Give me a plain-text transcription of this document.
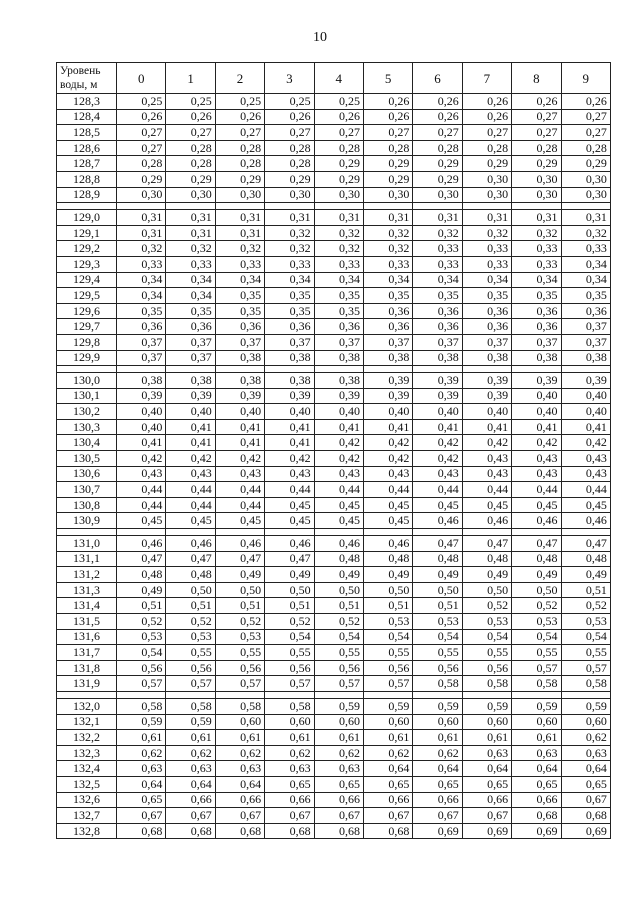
10
Уровень воды, м	0	1	2	3	4	5	6	7	8	9
128,3	0,25	0,25	0,25	0,25	0,25	0,26	0,26	0,26	0,26	0,26
128,4	0,26	0,26	0,26	0,26	0,26	0,26	0,26	0,26	0,27	0,27
128,5	0,27	0,27	0,27	0,27	0,27	0,27	0,27	0,27	0,27	0,27
128,6	0,27	0,28	0,28	0,28	0,28	0,28	0,28	0,28	0,28	0,28
128,7	0,28	0,28	0,28	0,28	0,29	0,29	0,29	0,29	0,29	0,29
128,8	0,29	0,29	0,29	0,29	0,29	0,29	0,29	0,30	0,30	0,30
128,9	0,30	0,30	0,30	0,30	0,30	0,30	0,30	0,30	0,30	0,30

129,0	0,31	0,31	0,31	0,31	0,31	0,31	0,31	0,31	0,31	0,31
129,1	0,31	0,31	0,31	0,32	0,32	0,32	0,32	0,32	0,32	0,32
129,2	0,32	0,32	0,32	0,32	0,32	0,32	0,33	0,33	0,33	0,33
129,3	0,33	0,33	0,33	0,33	0,33	0,33	0,33	0,33	0,33	0,34
129,4	0,34	0,34	0,34	0,34	0,34	0,34	0,34	0,34	0,34	0,34
129,5	0,34	0,34	0,35	0,35	0,35	0,35	0,35	0,35	0,35	0,35
129,6	0,35	0,35	0,35	0,35	0,35	0,36	0,36	0,36	0,36	0,36
129,7	0,36	0,36	0,36	0,36	0,36	0,36	0,36	0,36	0,36	0,37
129,8	0,37	0,37	0,37	0,37	0,37	0,37	0,37	0,37	0,37	0,37
129,9	0,37	0,37	0,38	0,38	0,38	0,38	0,38	0,38	0,38	0,38

130,0	0,38	0,38	0,38	0,38	0,38	0,39	0,39	0,39	0,39	0,39
130,1	0,39	0,39	0,39	0,39	0,39	0,39	0,39	0,39	0,40	0,40
130,2	0,40	0,40	0,40	0,40	0,40	0,40	0,40	0,40	0,40	0,40
130,3	0,40	0,41	0,41	0,41	0,41	0,41	0,41	0,41	0,41	0,41
130,4	0,41	0,41	0,41	0,41	0,42	0,42	0,42	0,42	0,42	0,42
130,5	0,42	0,42	0,42	0,42	0,42	0,42	0,42	0,43	0,43	0,43
130,6	0,43	0,43	0,43	0,43	0,43	0,43	0,43	0,43	0,43	0,43
130,7	0,44	0,44	0,44	0,44	0,44	0,44	0,44	0,44	0,44	0,44
130,8	0,44	0,44	0,44	0,45	0,45	0,45	0,45	0,45	0,45	0,45
130,9	0,45	0,45	0,45	0,45	0,45	0,45	0,46	0,46	0,46	0,46

131,0	0,46	0,46	0,46	0,46	0,46	0,46	0,47	0,47	0,47	0,47
131,1	0,47	0,47	0,47	0,47	0,48	0,48	0,48	0,48	0,48	0,48
131,2	0,48	0,48	0,49	0,49	0,49	0,49	0,49	0,49	0,49	0,49
131,3	0,49	0,50	0,50	0,50	0,50	0,50	0,50	0,50	0,50	0,51
131,4	0,51	0,51	0,51	0,51	0,51	0,51	0,51	0,52	0,52	0,52
131,5	0,52	0,52	0,52	0,52	0,52	0,53	0,53	0,53	0,53	0,53
131,6	0,53	0,53	0,53	0,54	0,54	0,54	0,54	0,54	0,54	0,54
131,7	0,54	0,55	0,55	0,55	0,55	0,55	0,55	0,55	0,55	0,55
131,8	0,56	0,56	0,56	0,56	0,56	0,56	0,56	0,56	0,57	0,57
131,9	0,57	0,57	0,57	0,57	0,57	0,57	0,58	0,58	0,58	0,58

132,0	0,58	0,58	0,58	0,58	0,59	0,59	0,59	0,59	0,59	0,59
132,1	0,59	0,59	0,60	0,60	0,60	0,60	0,60	0,60	0,60	0,60
132,2	0,61	0,61	0,61	0,61	0,61	0,61	0,61	0,61	0,61	0,62
132,3	0,62	0,62	0,62	0,62	0,62	0,62	0,62	0,63	0,63	0,63
132,4	0,63	0,63	0,63	0,63	0,63	0,64	0,64	0,64	0,64	0,64
132,5	0,64	0,64	0,64	0,65	0,65	0,65	0,65	0,65	0,65	0,65
132,6	0,65	0,66	0,66	0,66	0,66	0,66	0,66	0,66	0,66	0,67
132,7	0,67	0,67	0,67	0,67	0,67	0,67	0,67	0,67	0,68	0,68
132,8	0,68	0,68	0,68	0,68	0,68	0,68	0,69	0,69	0,69	0,69
